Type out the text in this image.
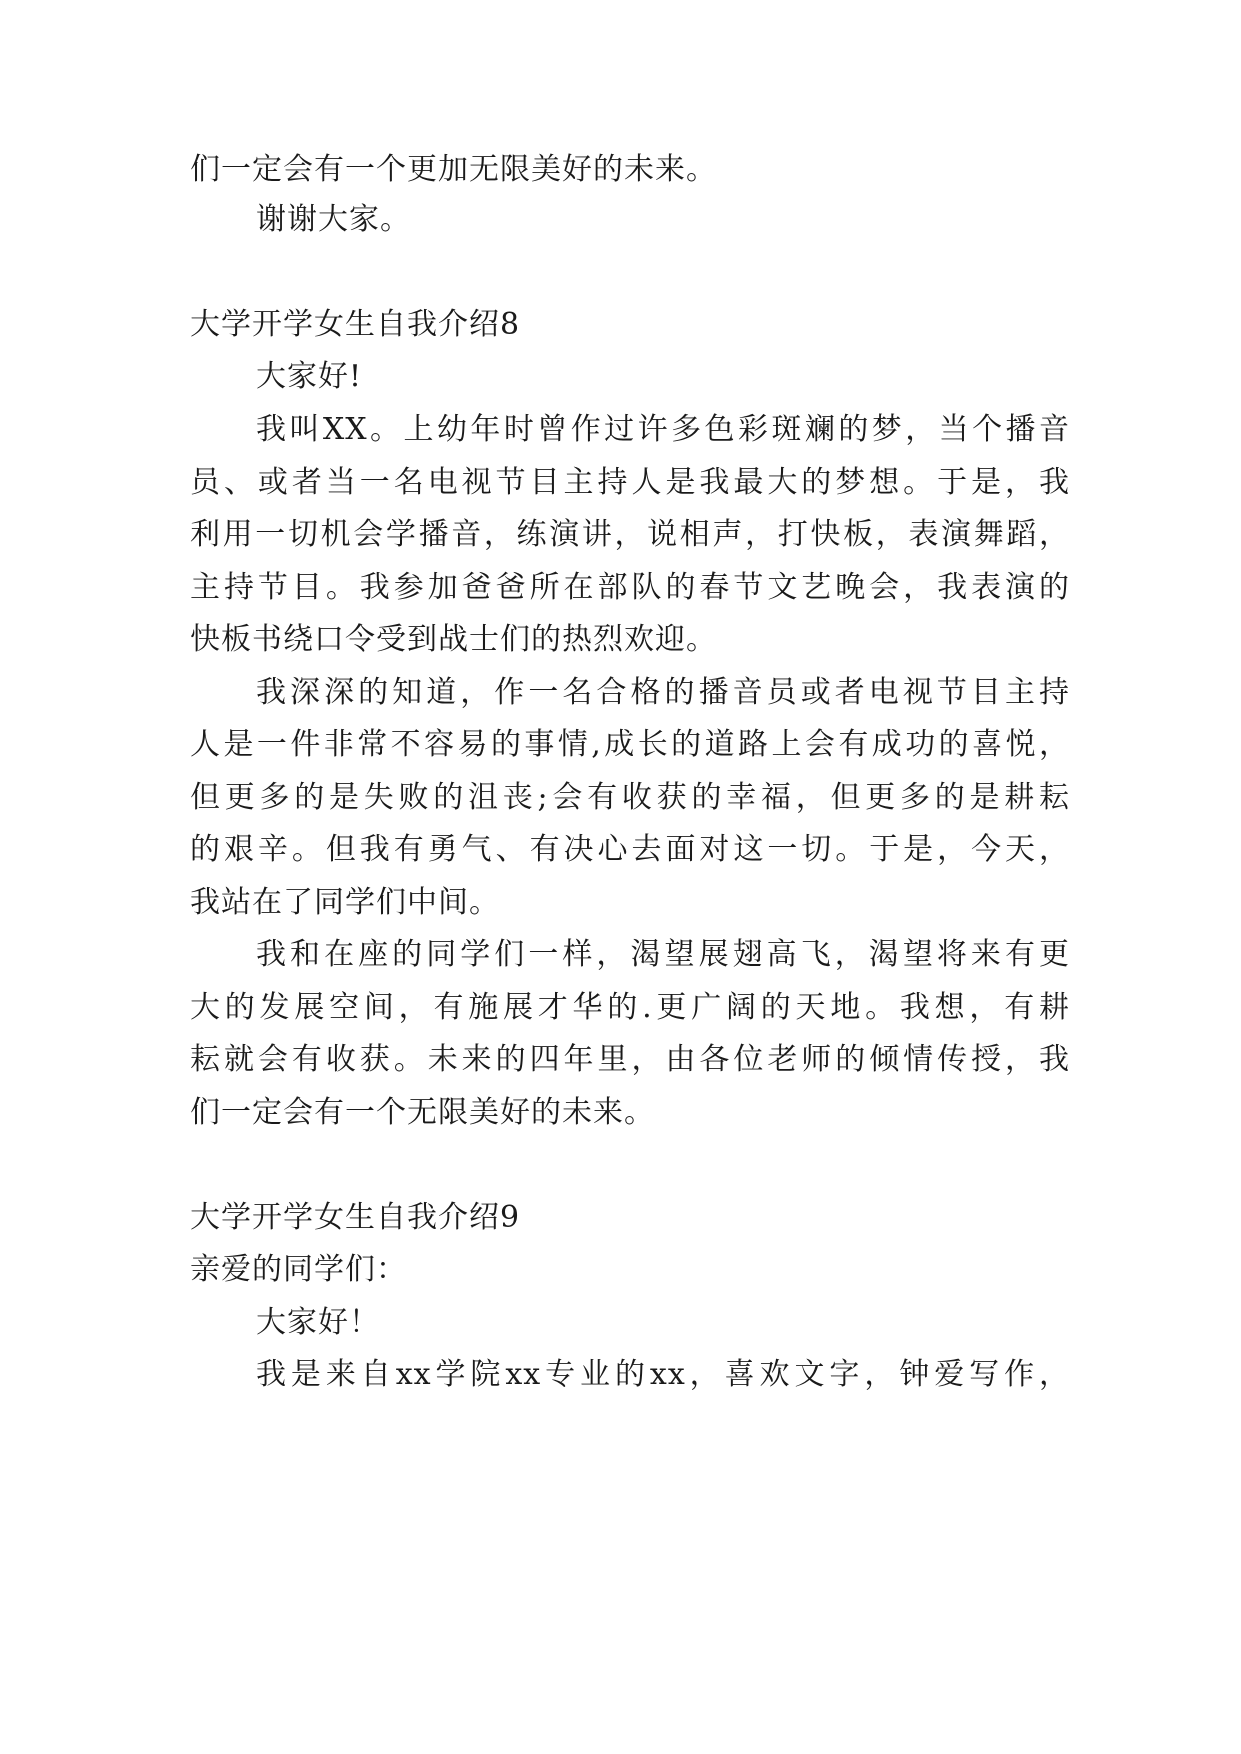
们一定会有一个更加无限美好的未来。
谢谢大家。
大学开学女生自我介绍8
大家好!
我叫XX。上幼年时曾作过许多色彩斑斓的梦，当个播音
员、或者当一名电视节目主持人是我最大的梦想。于是，我
利用一切机会学播音，练演讲，说相声，打快板，表演舞蹈，
主持节目。我参加爸爸所在部队的春节文艺晚会，我表演的
快板书绕口令受到战士们的热烈欢迎。
我深深的知道，作一名合格的播音员或者电视节目主持
人是一件非常不容易的事情,成长的道路上会有成功的喜悦，
但更多的是失败的沮丧;会有收获的幸福，但更多的是耕耘
的艰辛。但我有勇气、有决心去面对这一切。于是，今天，
我站在了同学们中间。
我和在座的同学们一样，渴望展翅高飞，渴望将来有更
大的发展空间，有施展才华的.更广阔的天地。我想，有耕
耘就会有收获。未来的四年里，由各位老师的倾情传授，我
们一定会有一个无限美好的未来。
大学开学女生自我介绍9
亲爱的同学们：
大家好！
我是来自xx学院xx专业的xx，喜欢文字，钟爱写作，
